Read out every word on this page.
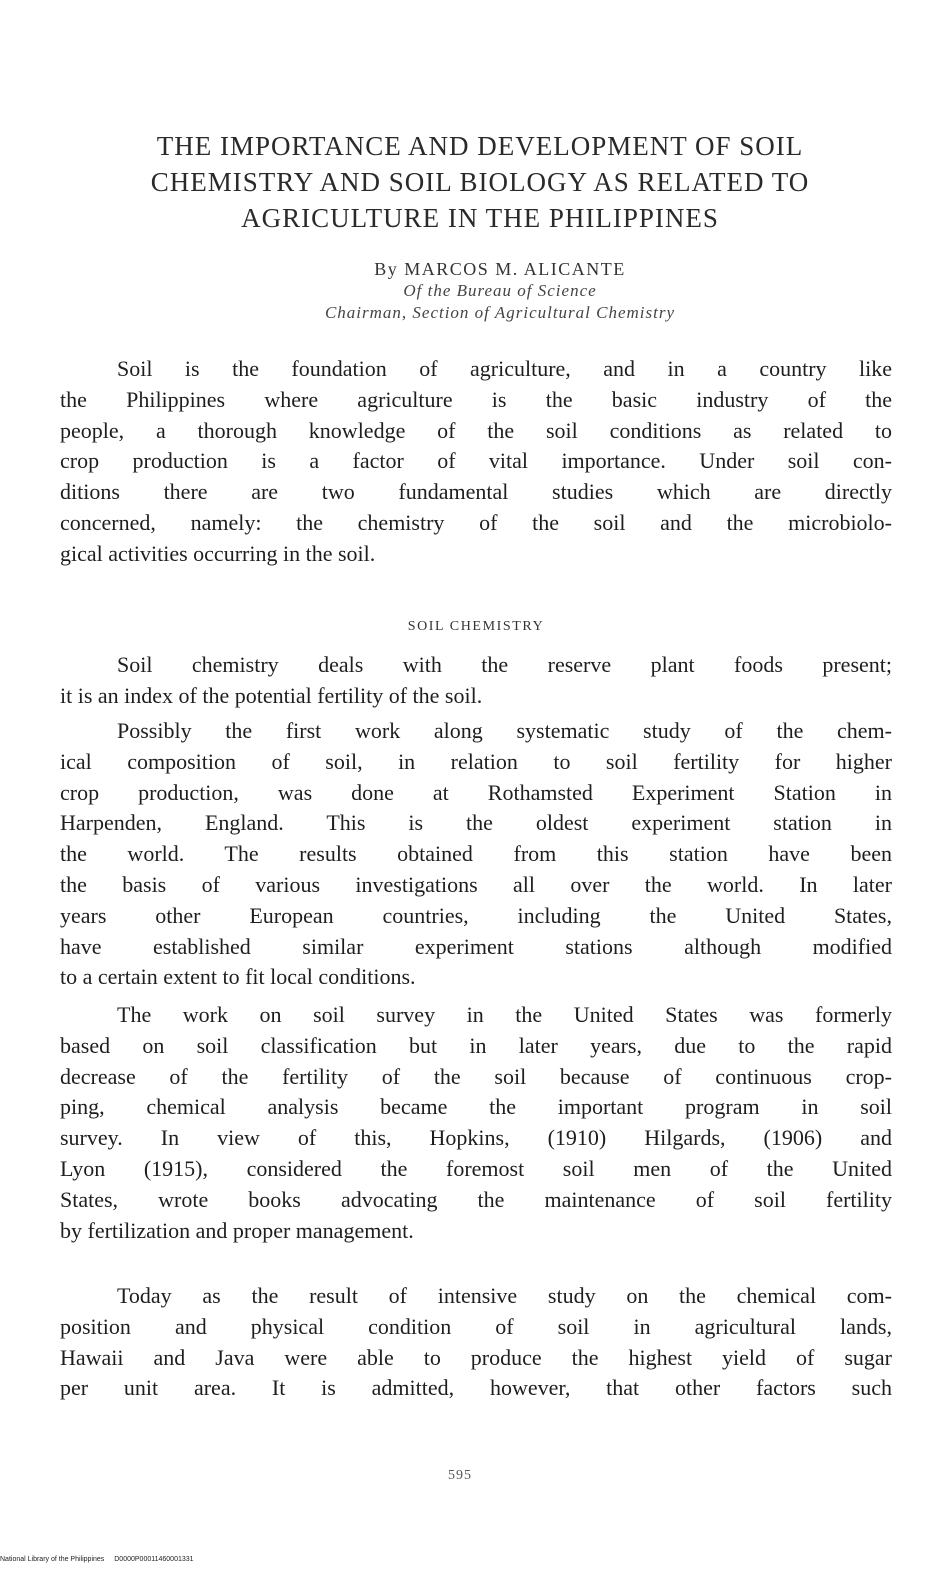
THE IMPORTANCE AND DEVELOPMENT OF SOIL
CHEMISTRY AND SOIL BIOLOGY AS RELATED TO
AGRICULTURE IN THE PHILIPPINES
By MARCOS M. ALICANTE
Of the Bureau of Science
Chairman, Section of Agricultural Chemistry
Soil is the foundation of agriculture, and in a country like
the Philippines where agriculture is the basic industry of the
people, a thorough knowledge of the soil conditions as related to
crop production is a factor of vital importance. Under soil con-
ditions there are two fundamental studies which are directly
concerned, namely: the chemistry of the soil and the microbiolo-
gical activities occurring in the soil.
SOIL CHEMISTRY
Soil chemistry deals with the reserve plant foods present;
it is an index of the potential fertility of the soil.
Possibly the first work along systematic study of the chem-
ical composition of soil, in relation to soil fertility for higher
crop production, was done at Rothamsted Experiment Station in
Harpenden, England. This is the oldest experiment station in
the world. The results obtained from this station have been
the basis of various investigations all over the world. In later
years other European countries, including the United States,
have established similar experiment stations although modified
to a certain extent to fit local conditions.
The work on soil survey in the United States was formerly
based on soil classification but in later years, due to the rapid
decrease of the fertility of the soil because of continuous crop-
ping, chemical analysis became the important program in soil
survey. In view of this, Hopkins, (1910) Hilgards, (1906) and
Lyon (1915), considered the foremost soil men of the United
States, wrote books advocating the maintenance of soil fertility
by fertilization and proper management.
Today as the result of intensive study on the chemical com-
position and physical condition of soil in agricultural lands,
Hawaii and Java were able to produce the highest yield of sugar
per unit area. It is admitted, however, that other factors such
595
National Library of the Philippines D0000P00011460001331
